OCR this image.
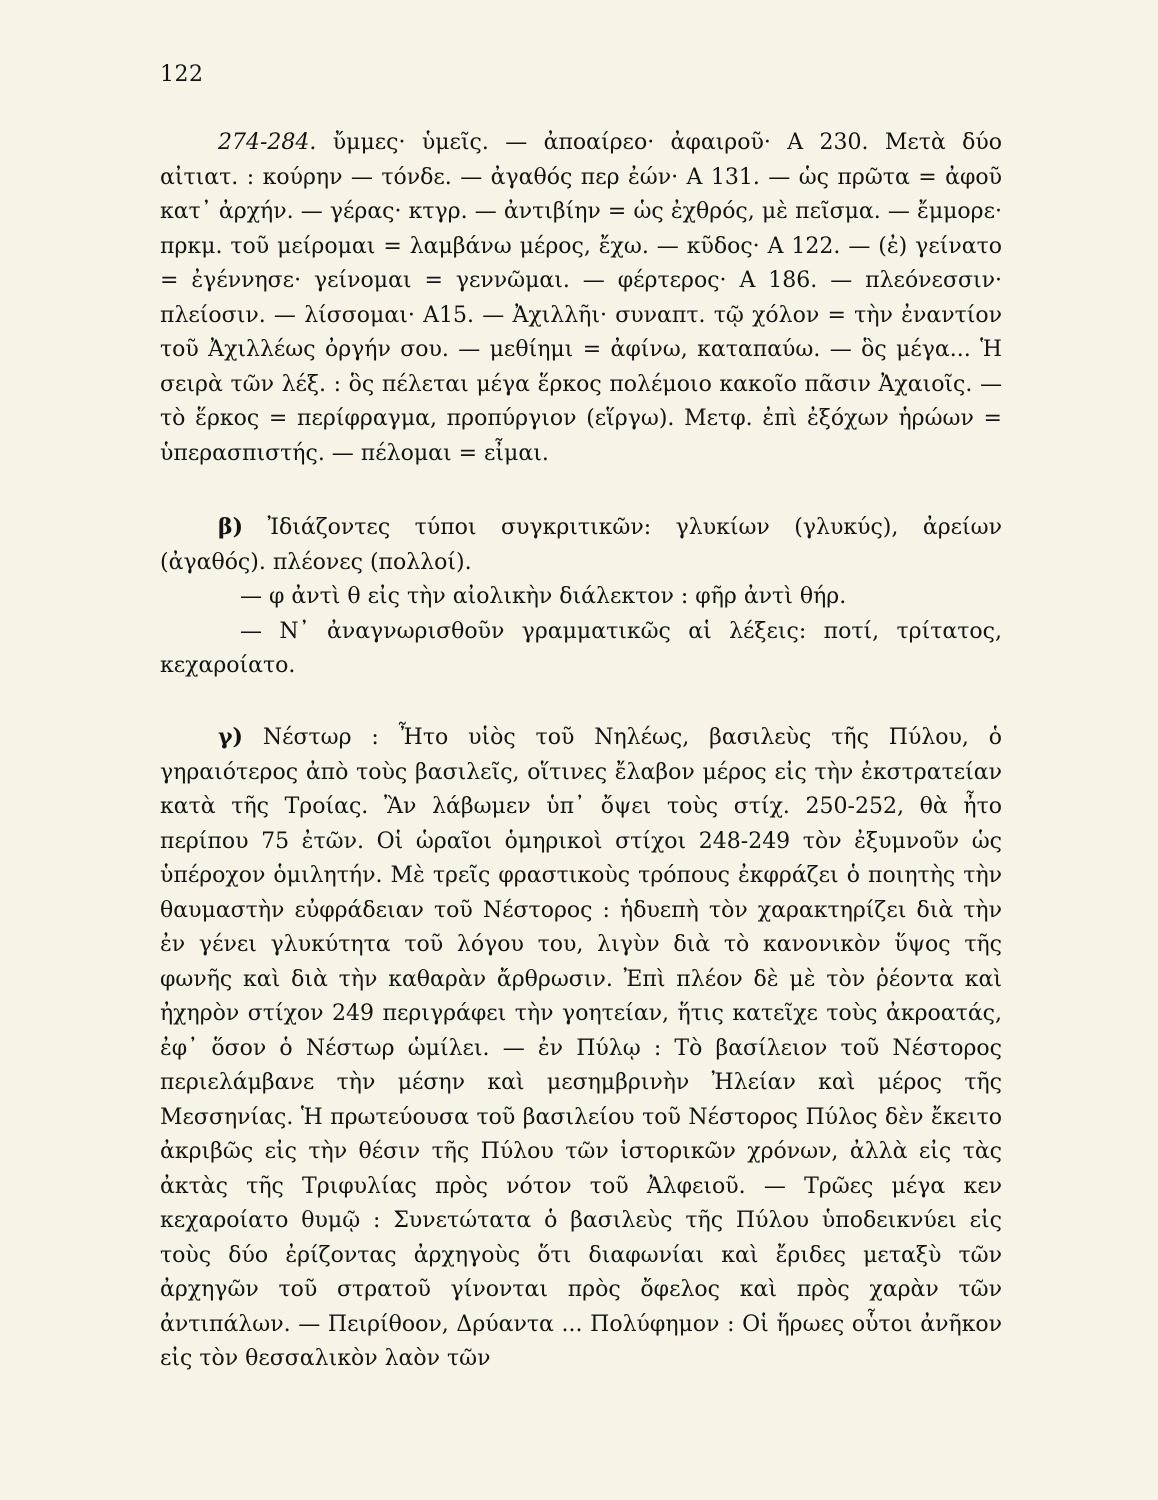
122

274-284. ὔμμες· ὑμεῖς. — ἀποαίρεο· ἀφαιροῦ· Α 230. Μετὰ δύο αἰτιατ. : κούρην — τόνδε. — ἀγαθός περ ἐών· Α 131. — ὡς πρῶτα = ἀφοῦ κατ᾽ ἀρχήν. — γέρας· κτγρ. — ἀντιβίην = ὡς ἐχθρός, μὲ πεῖσμα. — ἔμμορε· πρκμ. τοῦ μείρομαι = λαμβάνω μέρος, ἔχω. — κῦδος· Α 122. — (ἐ) γείνατο = ἐγέννησε· γείνομαι = γεννῶμαι. — φέρτερος· Α 186. — πλεόνεσσιν· πλείοσιν. — λίσσομαι· Α15. — Ἀχιλλῆι· συναπτ. τῷ χόλον = τὴν ἐναντίον τοῦ Ἀχιλλέως ὀργήν σου. — μεθίημι = ἀφίνω, καταπαύω. — ὃς μέγα... Ἡ σειρὰ τῶν λέξ. : ὃς πέλεται μέγα ἕρκος πολέμοιο κακοῖο πᾶσιν Ἀχαιοῖς. — τὸ ἕρκος = περίφραγμα, προπύργιον (εἵργω). Μετφ. ἐπὶ ἐξόχων ἡρώων = ὑπερασπιστής. — πέλομαι = εἶμαι.

β) Ἰδιάζοντες τύποι συγκριτικῶν: γλυκίων (γλυκύς), ἀρείων (ἀγαθός). πλέονες (πολλοί).

— φ ἀντὶ θ εἰς τὴν αἰολικὴν διάλεκτον : φῆρ ἀντὶ θήρ.

— Ν᾽ ἀναγνωρισθοῦν γραμματικῶς αἱ λέξεις: ποτί, τρίτατος, κεχαροίατο.

γ) Νέστωρ : Ἦτο υἱὸς τοῦ Νηλέως, βασιλεὺς τῆς Πύλου, ὁ γηραιότερος ἀπὸ τοὺς βασιλεῖς, οἵτινες ἔλαβον μέρος εἰς τὴν ἐκστρατείαν κατὰ τῆς Τροίας. Ἂν λάβωμεν ὑπ᾽ ὄψει τοὺς στίχ. 250-252, θὰ ἦτο περίπου 75 ἐτῶν. Οἱ ὡραῖοι ὁμηρικοὶ στίχοι 248-249 τὸν ἐξυμνοῦν ὡς ὑπέροχον ὁμιλητήν. Μὲ τρεῖς φραστικοὺς τρόπους ἐκφράζει ὁ ποιητὴς τὴν θαυμαστὴν εὐφράδειαν τοῦ Νέστορος : ἡδυεπὴ τὸν χαρακτηρίζει διὰ τὴν ἐν γένει γλυκύτητα τοῦ λόγου του, λιγὺν διὰ τὸ κανονικὸν ὕψος τῆς φωνῆς καὶ διὰ τὴν καθαρὰν ἄρθρωσιν. Ἐπὶ πλέον δὲ μὲ τὸν ῥέοντα καὶ ἠχηρὸν στίχον 249 περιγράφει τὴν γοητείαν, ἥτις κατεῖχε τοὺς ἀκροατάς, ἐφ᾽ ὅσον ὁ Νέστωρ ὡμίλει. — ἐν Πύλῳ : Τὸ βασίλειον τοῦ Νέστορος περιελάμβανε τὴν μέσην καὶ μεσημβρινὴν Ἠλείαν καὶ μέρος τῆς Μεσσηνίας. Ἡ πρωτεύουσα τοῦ βασιλείου τοῦ Νέστορος Πύλος δὲν ἔκειτο ἀκριβῶς εἰς τὴν θέσιν τῆς Πύλου τῶν ἱστορικῶν χρόνων, ἀλλὰ εἰς τὰς ἀκτὰς τῆς Τριφυλίας πρὸς νότον τοῦ Ἀλφειοῦ. — Τρῶες μέγα κεν κεχαροίατο θυμῷ : Συνετώτατα ὁ βασιλεὺς τῆς Πύλου ὑποδεικνύει εἰς τοὺς δύο ἐρίζοντας ἀρχηγοὺς ὅτι διαφωνίαι καὶ ἔριδες μεταξὺ τῶν ἀρχηγῶν τοῦ στρατοῦ γίνονται πρὸς ὄφελος καὶ πρὸς χαρὰν τῶν ἀντιπάλων. — Πειρίθοον, Δρύαντα ... Πολύφημον : Οἱ ἥρωες οὗτοι ἀνῆκον εἰς τὸν θεσσαλικὸν λαὸν τῶν
